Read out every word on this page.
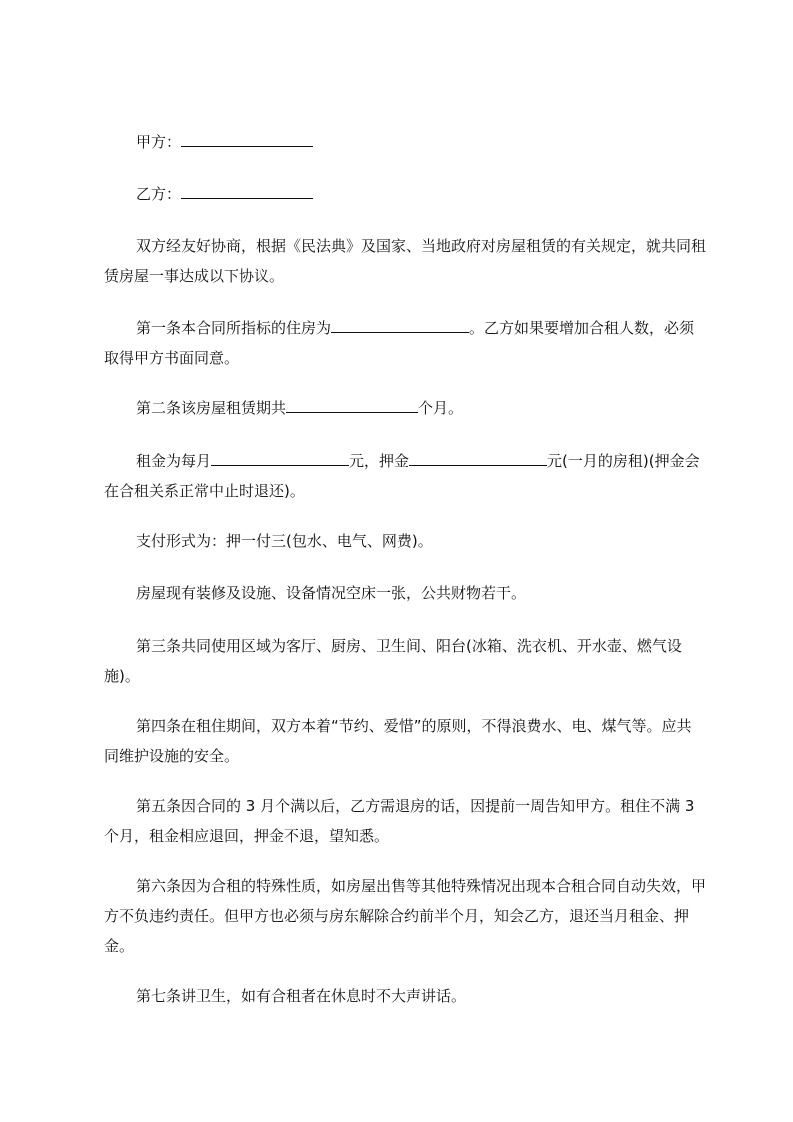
甲方：

乙方：

双方经友好协商，根据《民法典》及国家、当地政府对房屋租赁的有关规定，就共同租赁房屋一事达成以下协议。

第一条本合同所指标的住房为	。乙方如果要增加合租人数，必须取得甲方书面同意。

第二条该房屋租赁期共	个月。

租金为每月	元，押金	元(一月的房租)(押金会在合租关系正常中止时退还)。

支付形式为：押一付三(包水、电气、网费)。

房屋现有装修及设施、设备情况空床一张，公共财物若干。

第三条共同使用区域为客厅、厨房、卫生间、阳台(冰箱、洗衣机、开水壶、燃气设施)。

第四条在租住期间，双方本着“节约、爱惜”的原则，不得浪费水、电、煤气等。应共同维护设施的安全。

第五条因合同的 3 月个满以后，乙方需退房的话，因提前一周告知甲方。租住不满 3 个月，租金相应退回，押金不退，望知悉。

第六条因为合租的特殊性质，如房屋出售等其他特殊情况出现本合租合同自动失效，甲方不负违约责任。但甲方也必须与房东解除合约前半个月，知会乙方，退还当月租金、押金。

第七条讲卫生，如有合租者在休息时不大声讲话。
